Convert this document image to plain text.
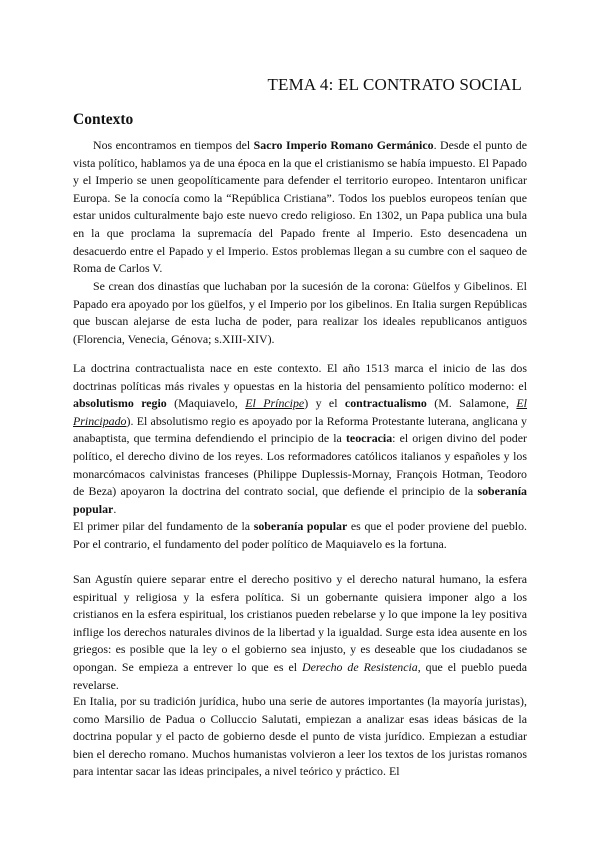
TEMA 4: EL CONTRATO SOCIAL
Contexto

Nos encontramos en tiempos del Sacro Imperio Romano Germánico. Desde el punto de vista político, hablamos ya de una época en la que el cristianismo se había impuesto. El Papado y el Imperio se unen geopolíticamente para defender el territorio europeo. Intentaron unificar Europa. Se la conocía como la “República Cristiana”. Todos los pueblos europeos tenían que estar unidos culturalmente bajo este nuevo credo religioso. En 1302, un Papa publica una bula en la que proclama la supremacía del Papado frente al Imperio. Esto desencadena un desacuerdo entre el Papado y el Imperio. Estos problemas llegan a su cumbre con el saqueo de Roma de Carlos V.

Se crean dos dinastías que luchaban por la sucesión de la corona: Güelfos y Gibelinos. El Papado era apoyado por los güelfos, y el Imperio por los gibelinos. En Italia surgen Repúblicas que buscan alejarse de esta lucha de poder, para realizar los ideales republicanos antiguos (Florencia, Venecia, Génova; s.XIII-XIV).

La doctrina contractualista nace en este contexto. El año 1513 marca el inicio de las dos doctrinas políticas más rivales y opuestas en la historia del pensamiento político moderno: el absolutismo regio (Maquiavelo, El Príncipe) y el contractualismo (M. Salamone, El Principado). El absolutismo regio es apoyado por la Reforma Protestante luterana, anglicana y anabaptista, que termina defendiendo el principio de la teocracia: el origen divino del poder político, el derecho divino de los reyes. Los reformadores católicos italianos y españoles y los monarcómacos calvinistas franceses (Philippe Duplessis-Mornay, François Hotman, Teodoro de Beza) apoyaron la doctrina del contrato social, que defiende el principio de la soberanía popular.

El primer pilar del fundamento de la soberanía popular es que el poder proviene del pueblo. Por el contrario, el fundamento del poder político de Maquiavelo es la fortuna.

San Agustín quiere separar entre el derecho positivo y el derecho natural humano, la esfera espiritual y religiosa y la esfera política. Si un gobernante quisiera imponer algo a los cristianos en la esfera espiritual, los cristianos pueden rebelarse y lo que impone la ley positiva inflige los derechos naturales divinos de la libertad y la igualdad. Surge esta idea ausente en los griegos: es posible que la ley o el gobierno sea injusto, y es deseable que los ciudadanos se opongan. Se empieza a entrever lo que es el Derecho de Resistencia, que el pueblo pueda revelarse.

En Italia, por su tradición jurídica, hubo una serie de autores importantes (la mayoría juristas), como Marsilio de Padua o Colluccio Salutati, empiezan a analizar esas ideas básicas de la doctrina popular y el pacto de gobierno desde el punto de vista jurídico. Empiezan a estudiar bien el derecho romano. Muchos humanistas volvieron a leer los textos de los juristas romanos para intentar sacar las ideas principales, a nivel teórico y práctico. El
